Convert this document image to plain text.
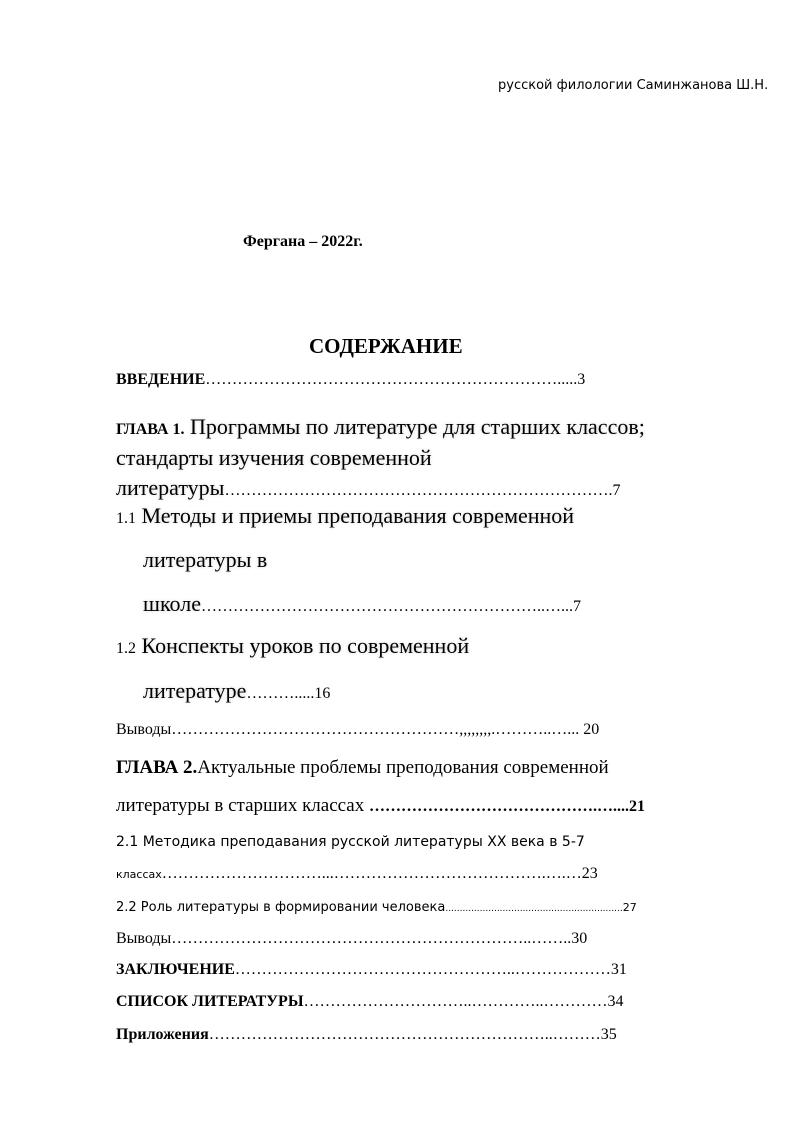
русской филологии Саминжанова Ш.Н.
Фергана – 2022г.
СОДЕРЖАНИЕ
ВВЕДЕНИЕ………………………………………………………….....3
ГЛАВА 1. Программы по литературе для старших классов;
стандарты изучения современной
литературы……………………………………………………………….7
1.1 Методы и приемы преподавания современной
литературы в
школе………………………………………………………..…...7
1.2 Конспекты уроков по современной
литературе……….....16
Выводы………………………………………………,,,,,,,,.………..…... 20
ГЛАВА 2.Актуальные проблемы преподования современной
литературы в старших классах …………………………………….…....21
2.1 Методика преподавания русской литературы XX века в 5-7
классах…………………………...………………………………….….…23
2.2 Роль литературы в формировании человека..............................................................27
Выводы…………………………………………………………..……..30
ЗАКЛЮЧЕНИЕ……………………………………………..………………31
СПИСОК ЛИТЕРАТУРЫ…………………………..…………..…………34
Приложения………………………………………………………..………35
